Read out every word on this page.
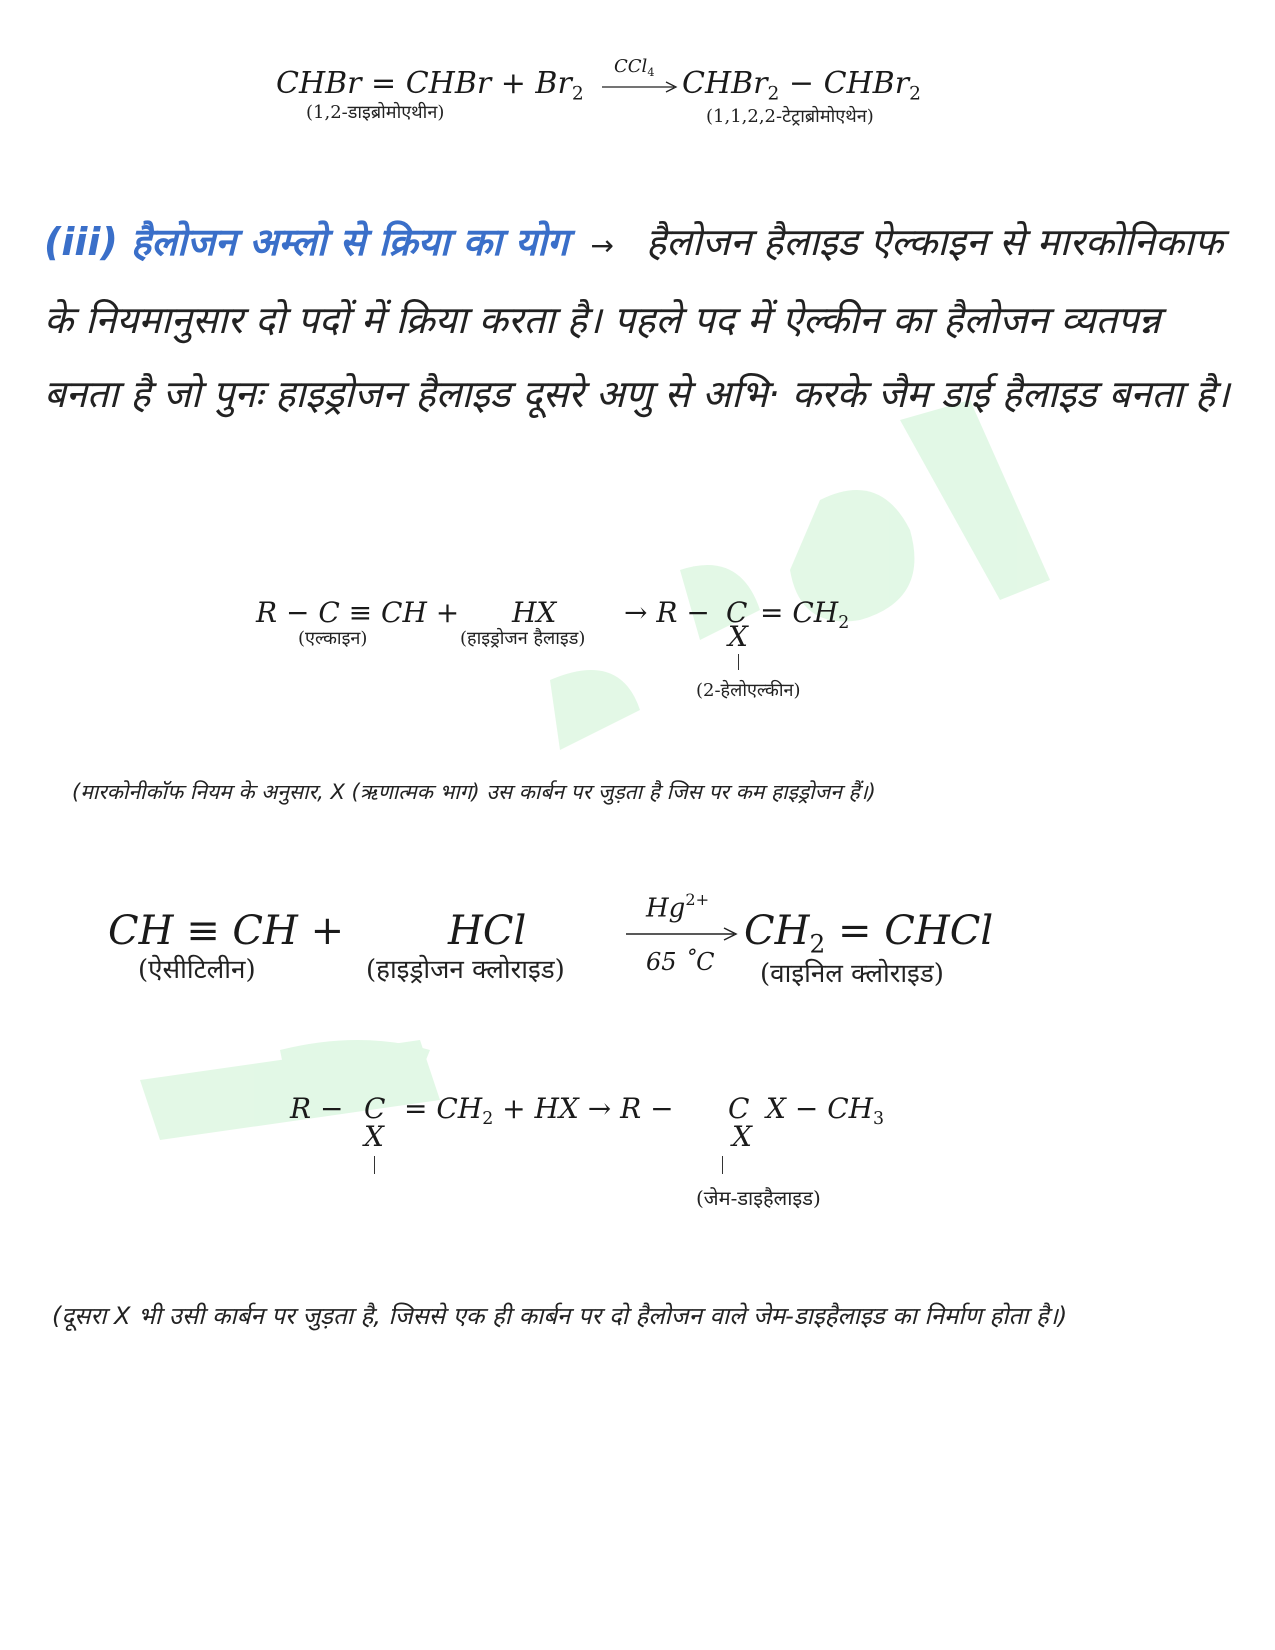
CHBr = CHBr + $Br_2$
CCl$_4$ CHBr$_2$ − CHBr$_2$
(1,2-डाइब्रोमोएथीन)	(1,1,2,2-टेट्राब्रोमोएथेन)
(iii) हैलोजन अम्लो से क्रिया का योग → हैलोजन हैलाइड ऐल्काइन से मारकोनिकाफ के नियमानुसार दो पदों में क्रिया करता है। पहले पद में ऐल्कीन का हैलोजन व्यतपन्न बनता है जो पुनः हाइड्रोजन हैलाइड दूसरे अणु से अभि· करके जैम डाई हैलाइड बनता है।
R − C ≡ CH + HX → $R - C = CH_2$
X
(एल्काइन)	(हाइड्रोजन हैलाइड)
(2-हेलोएल्कीन)
(मारकोनीकॉफ नियम के अनुसार, X (ऋणात्मक भाग) उस कार्बन पर जुड़ता है जिस पर कम हाइड्रोजन हैं।)
CH ≡ CH +	HCl	$Hg^{2+}$
65 ˚C
$CH_2$ = CHCl
(ऐसीटिलीन)	(हाइड्रोजन क्लोराइड)	(वाइनिल क्लोराइड)
$R - C = CH_2$ + HX → R − C $X - CH_3$
X	X
(जेम-डाइहैलाइड)
(दूसरा X भी उसी कार्बन पर जुड़ता है, जिससे एक ही कार्बन पर दो हैलोजन वाले जेम-डाइहैलाइड का निर्माण होता है।)
